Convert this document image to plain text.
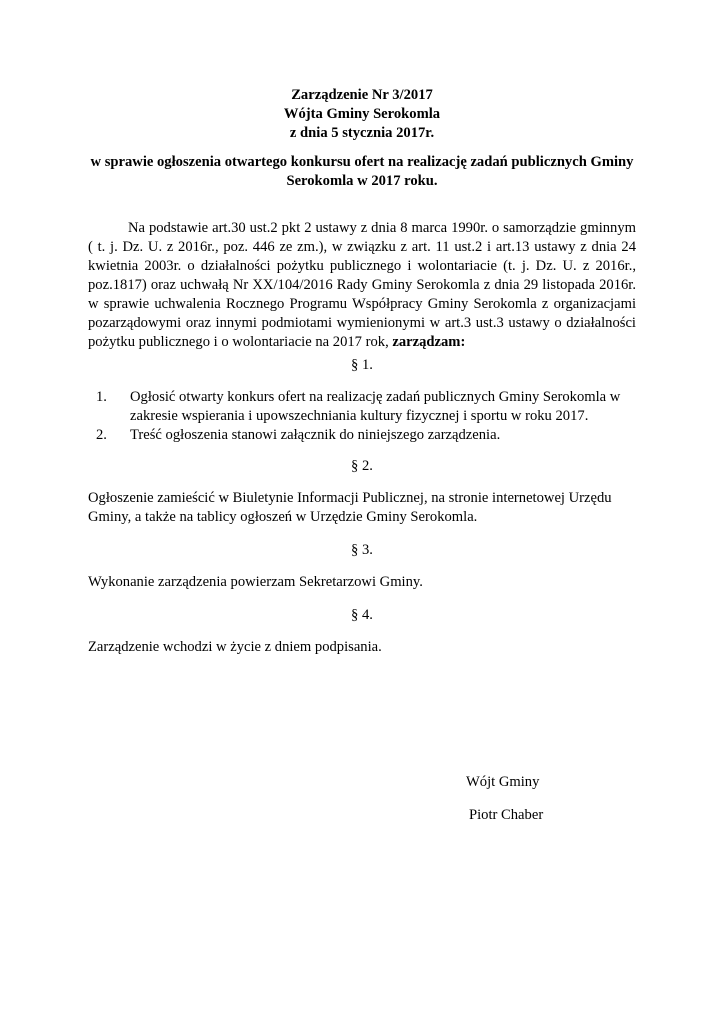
Zarządzenie Nr 3/2017
Wójta Gminy Serokomla
z dnia 5 stycznia 2017r.
w sprawie ogłoszenia otwartego konkursu ofert na realizację zadań publicznych Gminy Serokomla w 2017 roku.
Na podstawie art.30 ust.2 pkt 2 ustawy z dnia 8 marca 1990r. o samorządzie gminnym ( t. j. Dz. U. z 2016r., poz. 446 ze zm.), w związku z art. 11 ust.2 i art.13 ustawy z dnia 24 kwietnia 2003r. o działalności pożytku publicznego i wolontariacie (t. j. Dz. U. z 2016r., poz.1817) oraz uchwałą Nr XX/104/2016 Rady Gminy Serokomla z dnia 29 listopada 2016r. w sprawie uchwalenia Rocznego Programu Współpracy Gminy Serokomla z organizacjami pozarządowymi oraz innymi podmiotami wymienionymi w art.3 ust.3 ustawy o działalności pożytku publicznego i o wolontariacie na 2017 rok, zarządzam:
§ 1.
1. Ogłosić otwarty konkurs ofert na realizację zadań publicznych Gminy Serokomla w zakresie wspierania i upowszechniania kultury fizycznej i sportu w roku 2017.
2. Treść ogłoszenia stanowi załącznik do niniejszego zarządzenia.
§ 2.
Ogłoszenie zamieścić w Biuletynie Informacji Publicznej, na stronie internetowej Urzędu Gminy, a także na tablicy ogłoszeń w Urzędzie Gminy Serokomla.
§ 3.
Wykonanie zarządzenia powierzam Sekretarzowi Gminy.
§ 4.
Zarządzenie wchodzi w życie z dniem podpisania.
Wójt Gminy
Piotr Chaber
